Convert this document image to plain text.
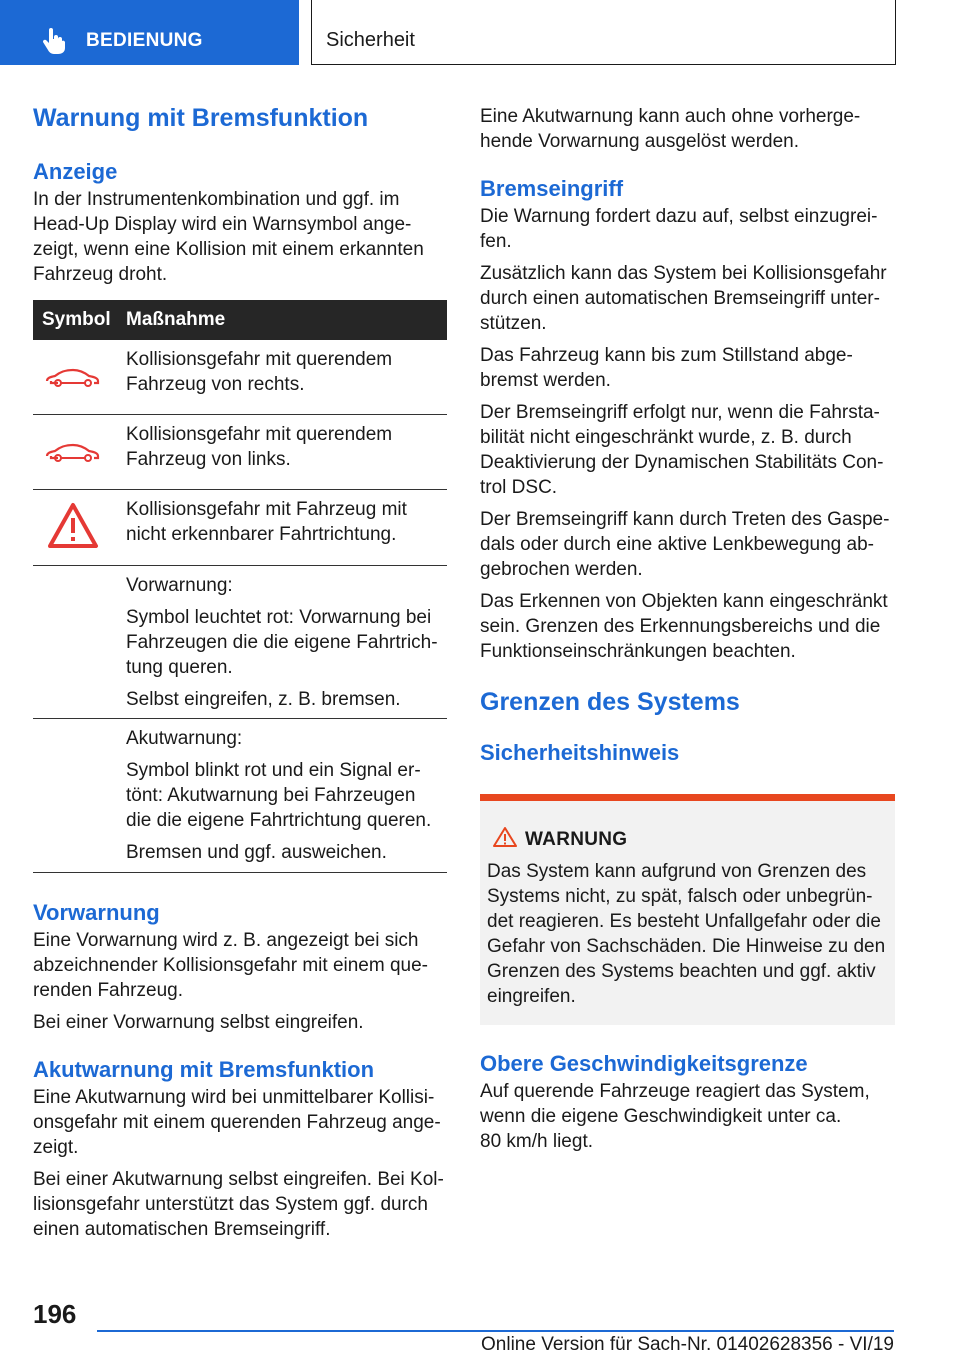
BEDIENUNG	Sicherheit
Warnung mit Bremsfunktion
Anzeige
In der Instrumentenkombination und ggf. im
Head-Up Display wird ein Warnsymbol ange-
zeigt, wenn eine Kollision mit einem erkannten
Fahrzeug droht.
Symbol Maßnahme
Kollisionsgefahr mit querendem
Fahrzeug von rechts.
Kollisionsgefahr mit querendem
Fahrzeug von links.
Kollisionsgefahr mit Fahrzeug mit
nicht erkennbarer Fahrtrichtung.

Vorwarnung:

Symbol leuchtet rot: Vorwarnung bei
Fahrzeugen die die eigene Fahrtrich-
tung queren.

Selbst eingreifen, z. B. bremsen.

Akutwarnung:

Symbol blinkt rot und ein Signal er-
tönt: Akutwarnung bei Fahrzeugen
die die eigene Fahrtrichtung queren.

Bremsen und ggf. ausweichen.

Vorwarnung
Eine Vorwarnung wird z. B. angezeigt bei sich
abzeichnender Kollisionsgefahr mit einem que-
renden Fahrzeug.
Bei einer Vorwarnung selbst eingreifen.
Akutwarnung mit Bremsfunktion
Eine Akutwarnung wird bei unmittelbarer Kollisi-
onsgefahr mit einem querenden Fahrzeug ange-
zeigt.
Bei einer Akutwarnung selbst eingreifen. Bei Kol-
lisionsgefahr unterstützt das System ggf. durch
einen automatischen Bremseingriff.
Eine Akutwarnung kann auch ohne vorherge-
hende Vorwarnung ausgelöst werden.
Bremseingriff
Die Warnung fordert dazu auf, selbst einzugrei-
fen.
Zusätzlich kann das System bei Kollisionsgefahr
durch einen automatischen Bremseingriff unter-
stützen.
Das Fahrzeug kann bis zum Stillstand abge-
bremst werden.
Der Bremseingriff erfolgt nur, wenn die Fahrsta-
bilität nicht eingeschränkt wurde, z. B. durch
Deaktivierung der Dynamischen Stabilitäts Con-
trol DSC.
Der Bremseingriff kann durch Treten des Gaspe-
dals oder durch eine aktive Lenkbewegung ab-
gebrochen werden.
Das Erkennen von Objekten kann eingeschränkt
sein. Grenzen des Erkennungsbereichs und die
Funktionseinschränkungen beachten.
Grenzen des Systems
Sicherheitshinweis
WARNUNG
Das System kann aufgrund von Grenzen des
Systems nicht, zu spät, falsch oder unbegrün-
det reagieren. Es besteht Unfallgefahr oder die
Gefahr von Sachschäden. Die Hinweise zu den
Grenzen des Systems beachten und ggf. aktiv
eingreifen.
Obere Geschwindigkeitsgrenze
Auf querende Fahrzeuge reagiert das System,
wenn die eigene Geschwindigkeit unter ca.
80 km/h liegt.
196
Online Version für Sach-Nr. 01402628356 - VI/19
